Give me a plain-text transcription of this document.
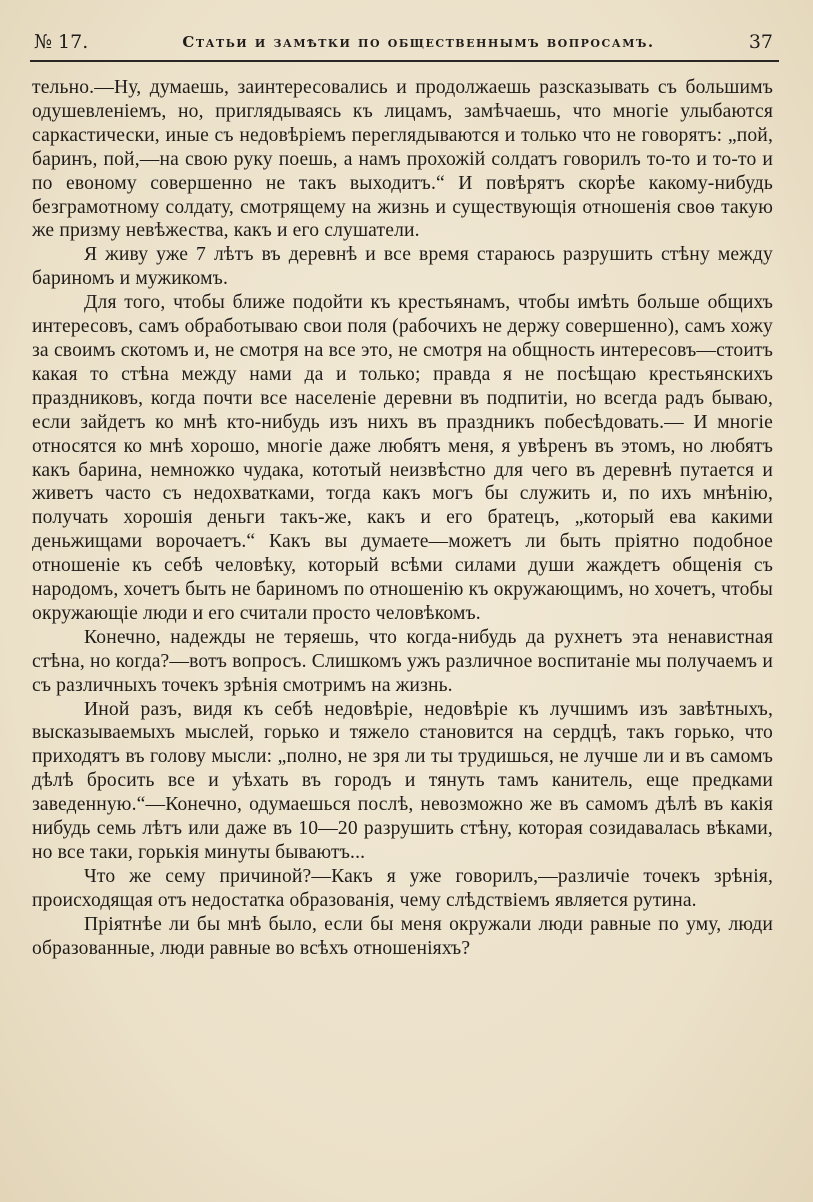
№ 17.	Статьи и замѣтки по общественнымъ вопросамъ.	37

тельно.—Ну, думаешь, заинтересовались и продолжаешь разсказывать съ большимъ одушевленіемъ, но, приглядываясь къ лицамъ, замѣчаешь, что многіе улыбаются саркастически, иные съ недовѣріемъ переглядываются и только что не говорятъ: „пой, баринъ, пой,—на свою руку поешь, а намъ прохожій солдатъ говорилъ то-то и то-то и по евоному совершенно не такъ выходитъ.“ И повѣрятъ скорѣе какому-нибудь безграмотному солдату, смотрящему на жизнь и существующія отношенія своѳ такую же призму невѣжества, какъ и его слушатели.

Я живу уже 7 лѣтъ въ деревнѣ и все время стараюсь разрушить стѣну между бариномъ и мужикомъ.

Для того, чтобы ближе подойти къ крестьянамъ, чтобы имѣть больше общихъ интересовъ, самъ обработываю свои поля (рабочихъ не держу совершенно), самъ хожу за своимъ скотомъ и, не смотря на все это, не смотря на общность интересовъ—стоитъ какая то стѣна между нами да и только; правда я не посѣщаю крестьянскихъ праздниковъ, когда почти все населеніе деревни въ подпитіи, но всегда радъ бываю, если зайдетъ ко мнѣ кто-нибудь изъ нихъ въ праздникъ побесѣдовать.— И многіе относятся ко мнѣ хорошо, многіе даже любятъ меня, я увѣренъ въ этомъ, но любятъ какъ барина, немножко чудака, кототый неизвѣстно для чего въ деревнѣ путается и живетъ часто съ недохватками, тогда какъ могъ бы служить и, по ихъ мнѣнію, получать хорошія деньги такъ-же, какъ и его братецъ, „который ева какими деньжищами ворочаетъ.“ Какъ вы думаете—можетъ ли быть пріятно подобное отношеніе къ себѣ человѣку, который всѣми силами души жаждетъ общенія съ народомъ, хочетъ быть не бариномъ по отношенію къ окружающимъ, но хочетъ, чтобы окружающіе люди и его считали просто человѣкомъ.

Конечно, надежды не теряешь, что когда-нибудь да рухнетъ эта ненавистная стѣна, но когда?—вотъ вопросъ. Слишкомъ ужъ различное воспитаніе мы получаемъ и съ различныхъ точекъ зрѣнія смотримъ на жизнь.

Иной разъ, видя къ себѣ недовѣріе, недовѣріе къ лучшимъ изъ завѣтныхъ, высказываемыхъ мыслей, горько и тяжело становится на сердцѣ, такъ горько, что приходятъ въ голову мысли: „полно, не зря ли ты трудишься, не лучше ли и въ самомъ дѣлѣ бросить все и уѣхать въ городъ и тянуть тамъ канитель, еще предками заведенную.“—Конечно, одумаешься послѣ, невозможно же въ самомъ дѣлѣ въ какія нибудь семь лѣтъ или даже въ 10—20 разрушить стѣну, которая созидавалась вѣками, но все таки, горькія минуты бываютъ...

Что же сему причиной?—Какъ я уже говорилъ,—различіе точекъ зрѣнія, происходящая отъ недостатка образованія, чему слѣдствіемъ является рутина.

Пріятнѣе ли бы мнѣ было, если бы меня окружали люди равные по уму, люди образованные, люди равные во всѣхъ отношеніяхъ?
